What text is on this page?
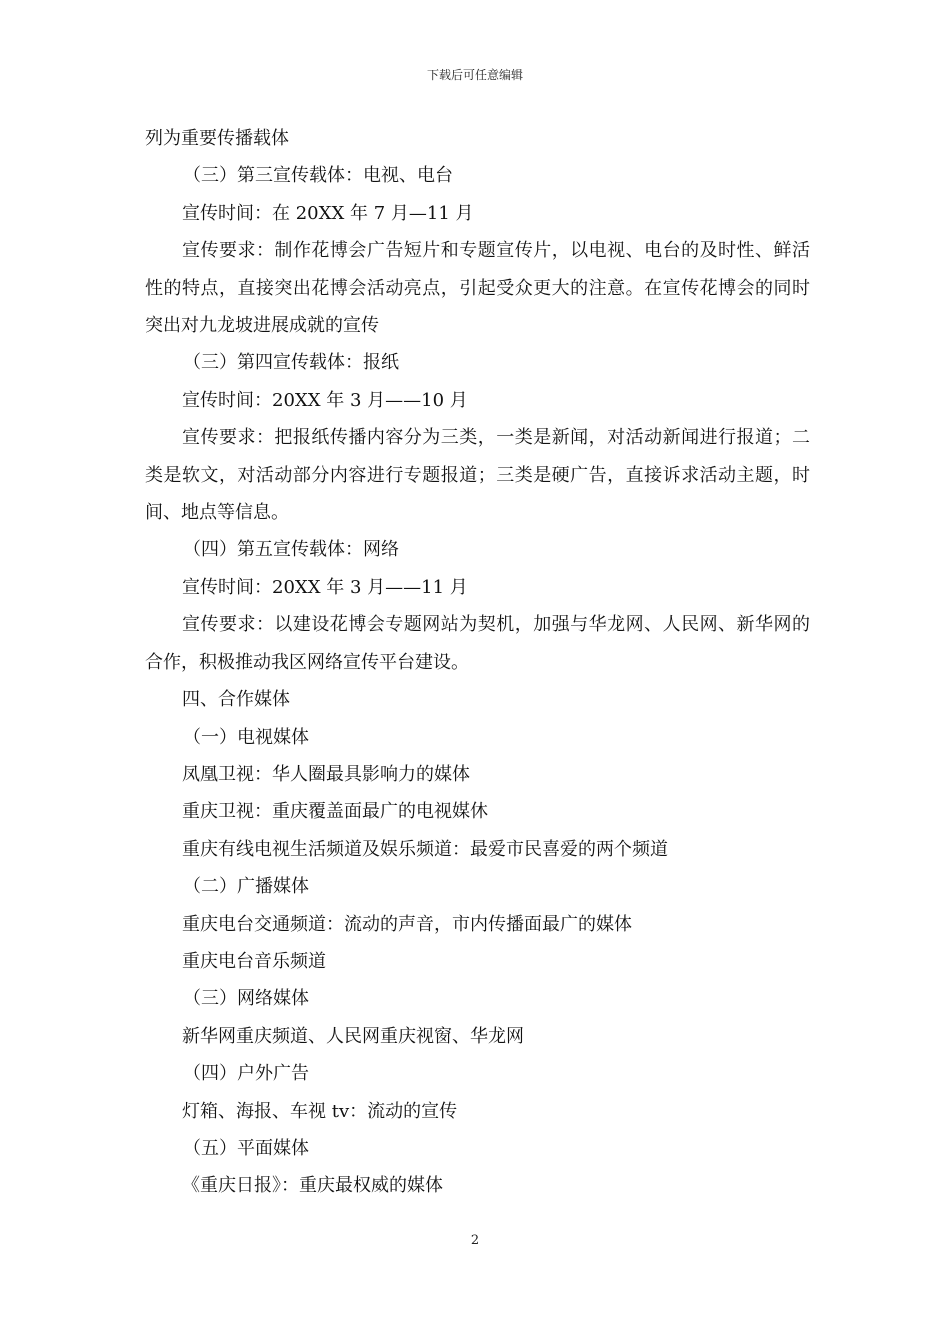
下载后可任意编辑

列为重要传播载体

（三）第三宣传载体：电视、电台

宣传时间：在 20XX 年 7 月—11 月

宣传要求：制作花博会广告短片和专题宣传片，以电视、电台的及时性、鲜活性的特点，直接突出花博会活动亮点，引起受众更大的注意。在宣传花博会的同时突出对九龙坡进展成就的宣传

（三）第四宣传载体：报纸

宣传时间：20XX 年 3 月——10 月

宣传要求：把报纸传播内容分为三类，一类是新闻，对活动新闻进行报道；二类是软文，对活动部分内容进行专题报道；三类是硬广告，直接诉求活动主题，时间、地点等信息。

（四）第五宣传载体：网络

宣传时间：20XX 年 3 月——11 月

宣传要求：以建设花博会专题网站为契机，加强与华龙网、人民网、新华网的合作，积极推动我区网络宣传平台建设。

四、合作媒体

（一）电视媒体

凤凰卫视：华人圈最具影响力的媒体

重庆卫视：重庆覆盖面最广的电视媒休

重庆有线电视生活频道及娱乐频道：最爱市民喜爱的两个频道

（二）广播媒体

重庆电台交通频道：流动的声音，市内传播面最广的媒体

重庆电台音乐频道

（三）网络媒体

新华网重庆频道、人民网重庆视窗、华龙网

（四）户外广告

灯箱、海报、车视 tv：流动的宣传

（五）平面媒体

《重庆日报》：重庆最权威的媒体

2
